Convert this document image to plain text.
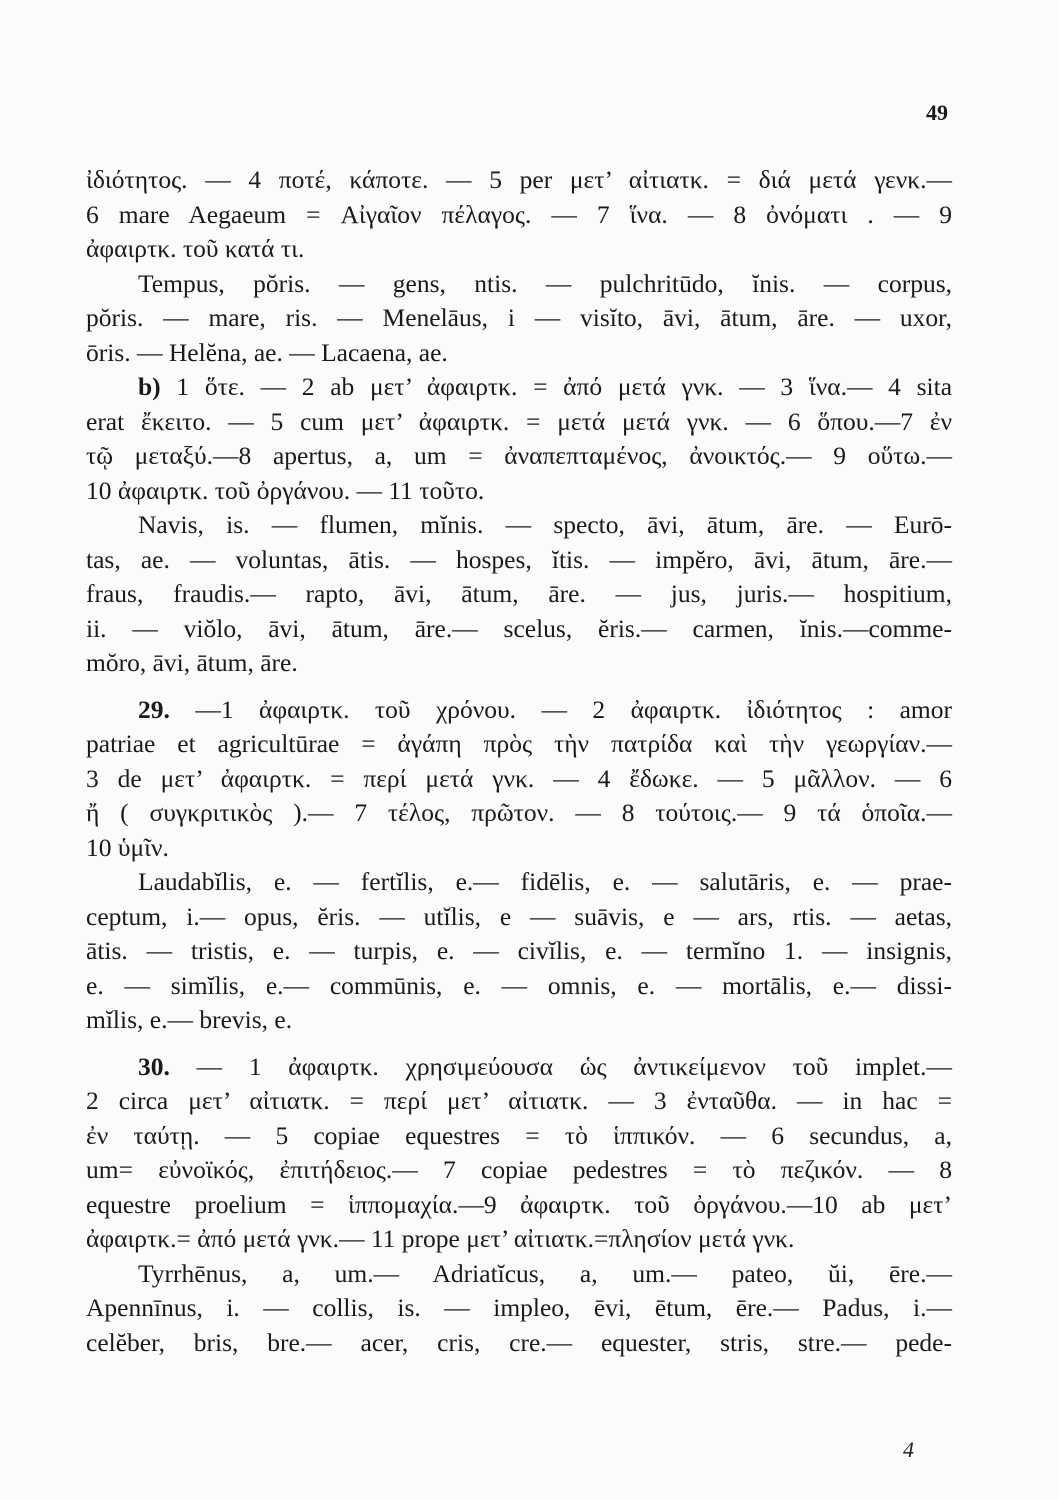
49
ἰδιότητος. — 4 ποτέ, κάποτε. — 5 per μετ’ αἰτιατκ. = διά μετά γενκ.—
6 mare Aegaeum = Αἰγαῖον πέλαγος. — 7 ἵνα. — 8 ὀνόματι . — 9
ἀφαιρτκ. τοῦ κατά τι.
Tempus, pŏris. — gens, ntis. — pulchritūdo, ĭnis. — corpus,
pŏris. — mare, ris. — Menelāus, i — visĭto, āvi, ātum, āre. — uxor,
ōris. — Helĕna, ae. — Lacaena, ae.
b) 1 ὅτε. — 2 ab μετ’ ἀφαιρτκ. = ἀπό μετά γνκ. — 3 ἵνα.— 4 sita
erat ἔκειτο. — 5 cum μετ’ ἀφαιρτκ. = μετά μετά γνκ. — 6 ὅπου.—7 ἐν
τῷ μεταξύ.—8 apertus, a, um = ἀναπεπταμένος, ἀνοικτός.— 9 οὕτω.—
10 ἀφαιρτκ. τοῦ ὀργάνου. — 11 τοῦτο.
Navis, is. — flumen, mĭnis. — specto, āvi, ātum, āre. — Eurō-
tas, ae. — voluntas, ātis. — hospes, ĭtis. — impĕro, āvi, ātum, āre.—
fraus, fraudis.— rapto, āvi, ātum, āre. — jus, juris.— hospitium,
ii. — viŏlo, āvi, ātum, āre.— scelus, ĕris.— carmen, ĭnis.—comme-
mŏro, āvi, ātum, āre.
29. —1 ἀφαιρτκ. τοῦ χρόνου. — 2 ἀφαιρτκ. ἰδιότητος : amor
patriae et agricultūrae = ἀγάπη πρὸς τὴν πατρίδα καὶ τὴν γεωργίαν.—
3 de μετ’ ἀφαιρτκ. = περί μετά γνκ. — 4 ἔδωκε. — 5 μᾶλλον. — 6
ἤ ( συγκριτικὸς ).— 7 τέλος, πρῶτον. — 8 τούτοις.— 9 τά ὁποῖα.—
10 ὑμῖν.
Laudabĭlis, e. — fertĭlis, e.— fidēlis, e. — salutāris, e. — prae-
ceptum, i.— opus, ĕris. — utĭlis, e — suāvis, e — ars, rtis. — aetas,
ātis. — tristis, e. — turpis, e. — civĭlis, e. — termĭno 1. — insignis,
e. — simĭlis, e.— commūnis, e. — omnis, e. — mortālis, e.— dissi-
mĭlis, e.— brevis, e.
30. — 1 ἀφαιρτκ. χρησιμεύουσα ὡς ἀντικείμενον τοῦ implet.—
2 circa μετ’ αἰτιατκ. = περί μετ’ αἰτιατκ. — 3 ἐνταῦθα. — in hac =
ἐν ταύτῃ. — 5 copiae equestres = τὸ ἱππικόν. — 6 secundus, a,
um= εὐνοϊκός, ἐπιτήδειος.— 7 copiae pedestres = τὸ πεζικόν. — 8
equestre proelium = ἱππομαχία.—9 ἀφαιρτκ. τοῦ ὀργάνου.—10 ab μετ’
ἀφαιρτκ.= ἀπό μετά γνκ.— 11 prope μετ’ αἰτιατκ.=πλησίον μετά γνκ.
Tyrrhēnus, a, um.— Adriatĭcus, a, um.— pateo, ŭi, ēre.—
Apennīnus, i. — collis, is. — impleo, ēvi, ētum, ēre.— Padus, i.—
celĕber, bris, bre.— acer, cris, cre.— equester, stris, stre.— pede-
4
